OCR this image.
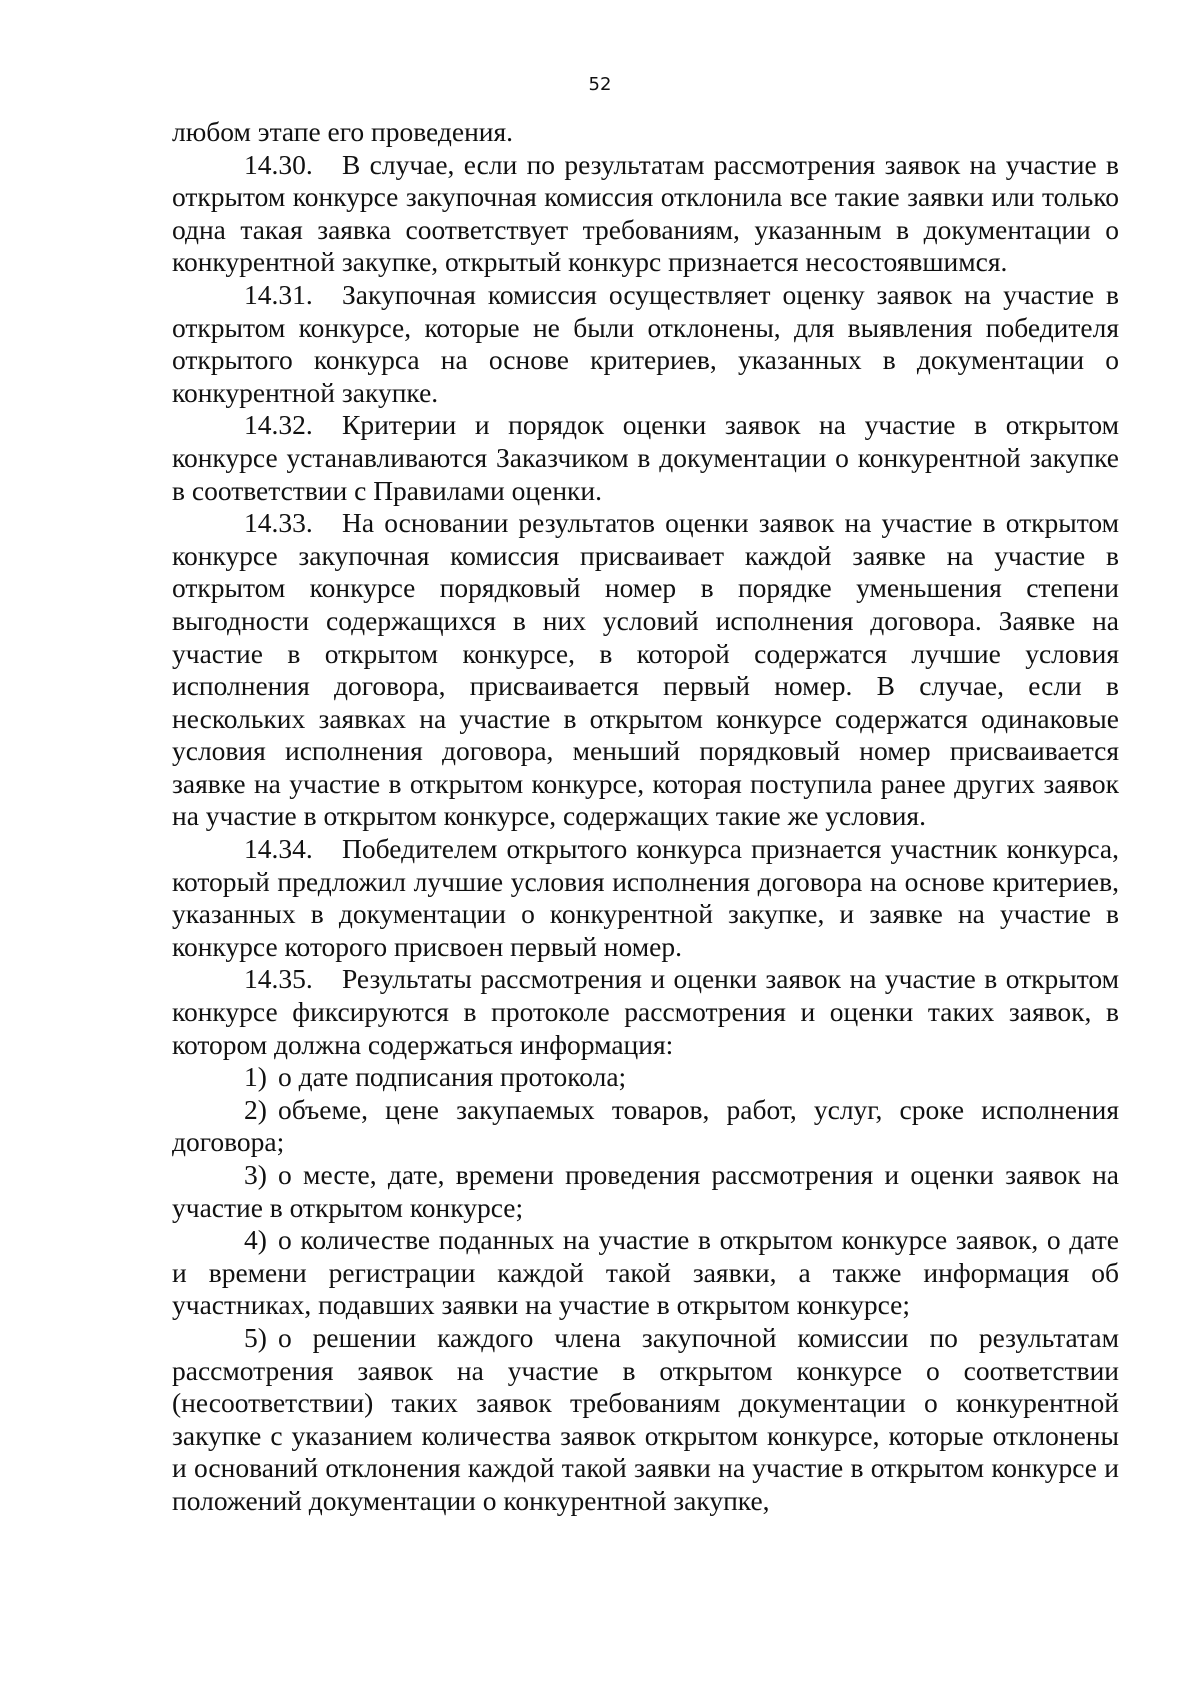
52

любом этапе его проведения.

14.30. В случае, если по результатам рассмотрения заявок на участие в открытом конкурсе закупочная комиссия отклонила все такие заявки или только одна такая заявка соответствует требованиям, указанным в документации о конкурентной закупке, открытый конкурс признается несостоявшимся.

14.31. Закупочная комиссия осуществляет оценку заявок на участие в открытом конкурсе, которые не были отклонены, для выявления победителя открытого конкурса на основе критериев, указанных в документации о конкурентной закупке.

14.32. Критерии и порядок оценки заявок на участие в открытом конкурсе устанавливаются Заказчиком в документации о конкурентной закупке в соответствии с Правилами оценки.

14.33. На основании результатов оценки заявок на участие в открытом конкурсе закупочная комиссия присваивает каждой заявке на участие в открытом конкурсе порядковый номер в порядке уменьшения степени выгодности содержащихся в них условий исполнения договора. Заявке на участие в открытом конкурсе, в которой содержатся лучшие условия исполнения договора, присваивается первый номер. В случае, если в нескольких заявках на участие в открытом конкурсе содержатся одинаковые условия исполнения договора, меньший порядковый номер присваивается заявке на участие в открытом конкурсе, которая поступила ранее других заявок на участие в открытом конкурсе, содержащих такие же условия.

14.34. Победителем открытого конкурса признается участник конкурса, который предложил лучшие условия исполнения договора на основе критериев, указанных в документации о конкурентной закупке, и заявке на участие в конкурсе которого присвоен первый номер.

14.35. Результаты рассмотрения и оценки заявок на участие в открытом конкурсе фиксируются в протоколе рассмотрения и оценки таких заявок, в котором должна содержаться информация:

1) о дате подписания протокола;

2) объеме, цене закупаемых товаров, работ, услуг, сроке исполнения договора;

3) о месте, дате, времени проведения рассмотрения и оценки заявок на участие в открытом конкурсе;

4) о количестве поданных на участие в открытом конкурсе заявок, о дате и времени регистрации каждой такой заявки, а также информация об участниках, подавших заявки на участие в открытом конкурсе;

5) о решении каждого члена закупочной комиссии по результатам рассмотрения заявок на участие в открытом конкурсе о соответствии (несоответствии) таких заявок требованиям документации о конкурентной закупке с указанием количества заявок открытом конкурсе, которые отклонены и оснований отклонения каждой такой заявки на участие в открытом конкурсе и положений документации о конкурентной закупке,
